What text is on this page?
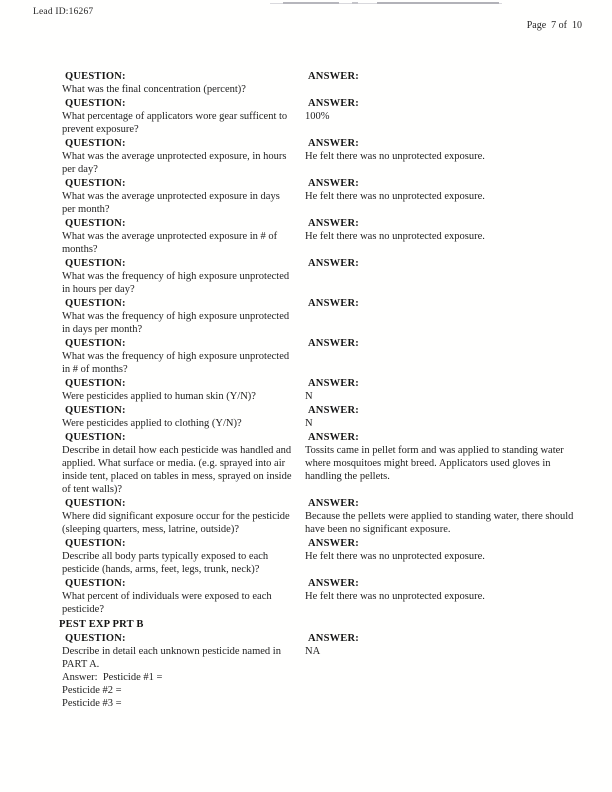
Lead ID:16267
Page  7 of  10
QUESTION:
What was the final concentration (percent)?
ANSWER:
QUESTION:
What percentage of applicators wore gear sufficent to prevent exposure?
ANSWER:
100%
QUESTION:
What was the average unprotected exposure, in hours per day?
ANSWER:
He felt there was no unprotected exposure.
QUESTION:
What was the average unprotected exposure in days per month?
ANSWER:
He felt there was no unprotected exposure.
QUESTION:
What was the average unprotected exposure in # of months?
ANSWER:
He felt there was no unprotected exposure.
QUESTION:
What was the frequency of high exposure unprotected in hours per day?
ANSWER:
QUESTION:
What was the frequency of high exposure unprotected in days per month?
ANSWER:
QUESTION:
What was the frequency of high exposure unprotected in # of months?
ANSWER:
QUESTION:
Were pesticides applied to human skin (Y/N)?
ANSWER:
N
QUESTION:
Were pesticides applied to clothing (Y/N)?
ANSWER:
N
QUESTION:
Describe in detail how each pesticide was handled and applied. What surface or media. (e.g. sprayed into air inside tent, placed on tables in mess, sprayed on inside of tent walls)?
ANSWER:
Tossits came in pellet form and was applied to standing water where mosquitoes might breed. Applicators used gloves in handling the pellets.
QUESTION:
Where did significant exposure occur for the pesticide (sleeping quarters, mess, latrine, outside)?
ANSWER:
Because the pellets were applied to standing water, there should have been no significant exposure.
QUESTION:
Describe all body parts typically exposed to each pesticide (hands, arms, feet, legs, trunk, neck)?
ANSWER:
He felt there was no unprotected exposure.
QUESTION:
What percent of individuals were exposed to each pesticide?
ANSWER:
He felt there was no unprotected exposure.
PEST EXP PRT B
QUESTION:
Describe in detail each unknown pesticide named in PART A.
Answer:  Pesticide #1 =
Pesticide #2 =
Pesticide #3 =
ANSWER:
NA
